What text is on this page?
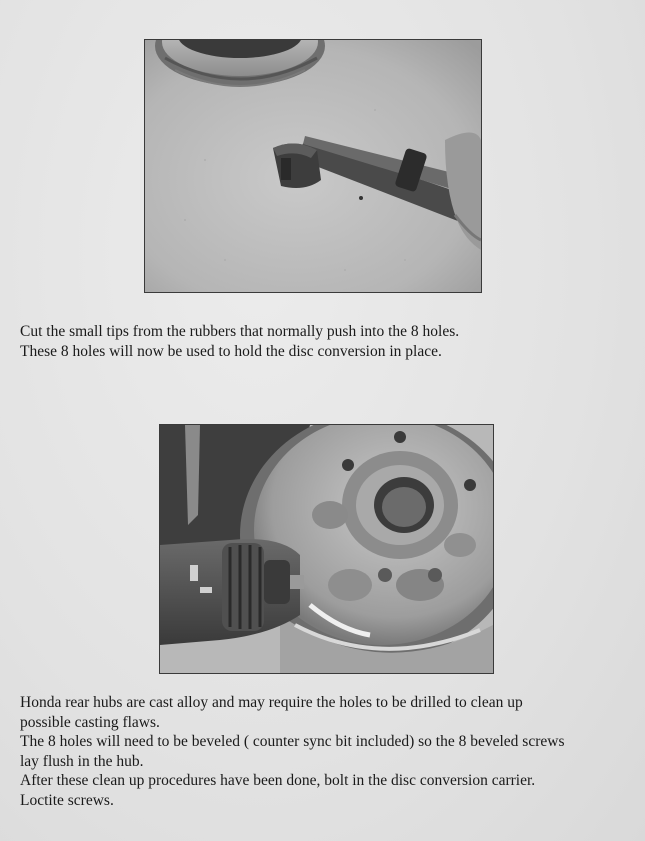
Cut the small tips from the rubbers that normally push into the 8 holes.
These 8 holes will now be used to hold the disc conversion in place.

Honda rear hubs are cast alloy and may require the holes to be drilled to clean up
possible casting flaws.
The 8 holes will need to be beveled ( counter sync bit included) so the 8 beveled screws
lay flush in the hub.
After these clean up procedures have been done, bolt in the disc conversion carrier.
Loctite screws.
